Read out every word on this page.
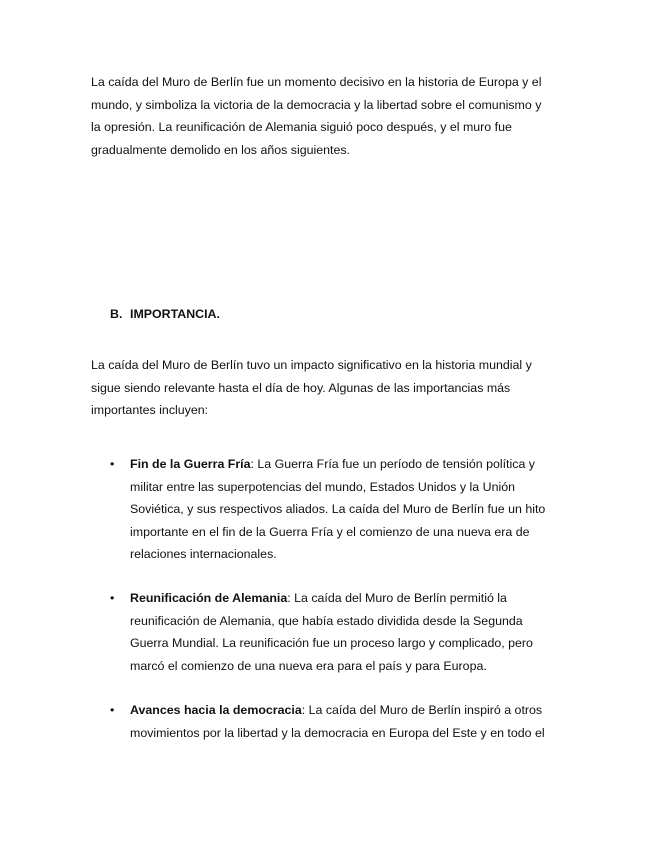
La caída del Muro de Berlín fue un momento decisivo en la historia de Europa y el
mundo, y simboliza la victoria de la democracia y la libertad sobre el comunismo y
la opresión. La reunificación de Alemania siguió poco después, y el muro fue
gradualmente demolido en los años siguientes.

B. IMPORTANCIA.

La caída del Muro de Berlín tuvo un impacto significativo en la historia mundial y
sigue siendo relevante hasta el día de hoy. Algunas de las importancias más
importantes incluyen:

• Fin de la Guerra Fría: La Guerra Fría fue un período de tensión política y
militar entre las superpotencias del mundo, Estados Unidos y la Unión
Soviética, y sus respectivos aliados. La caída del Muro de Berlín fue un hito
importante en el fin de la Guerra Fría y el comienzo de una nueva era de
relaciones internacionales.
• Reunificación de Alemania: La caída del Muro de Berlín permitió la
reunificación de Alemania, que había estado dividida desde la Segunda
Guerra Mundial. La reunificación fue un proceso largo y complicado, pero
marcó el comienzo de una nueva era para el país y para Europa.
• Avances hacia la democracia: La caída del Muro de Berlín inspiró a otros
movimientos por la libertad y la democracia en Europa del Este y en todo el
